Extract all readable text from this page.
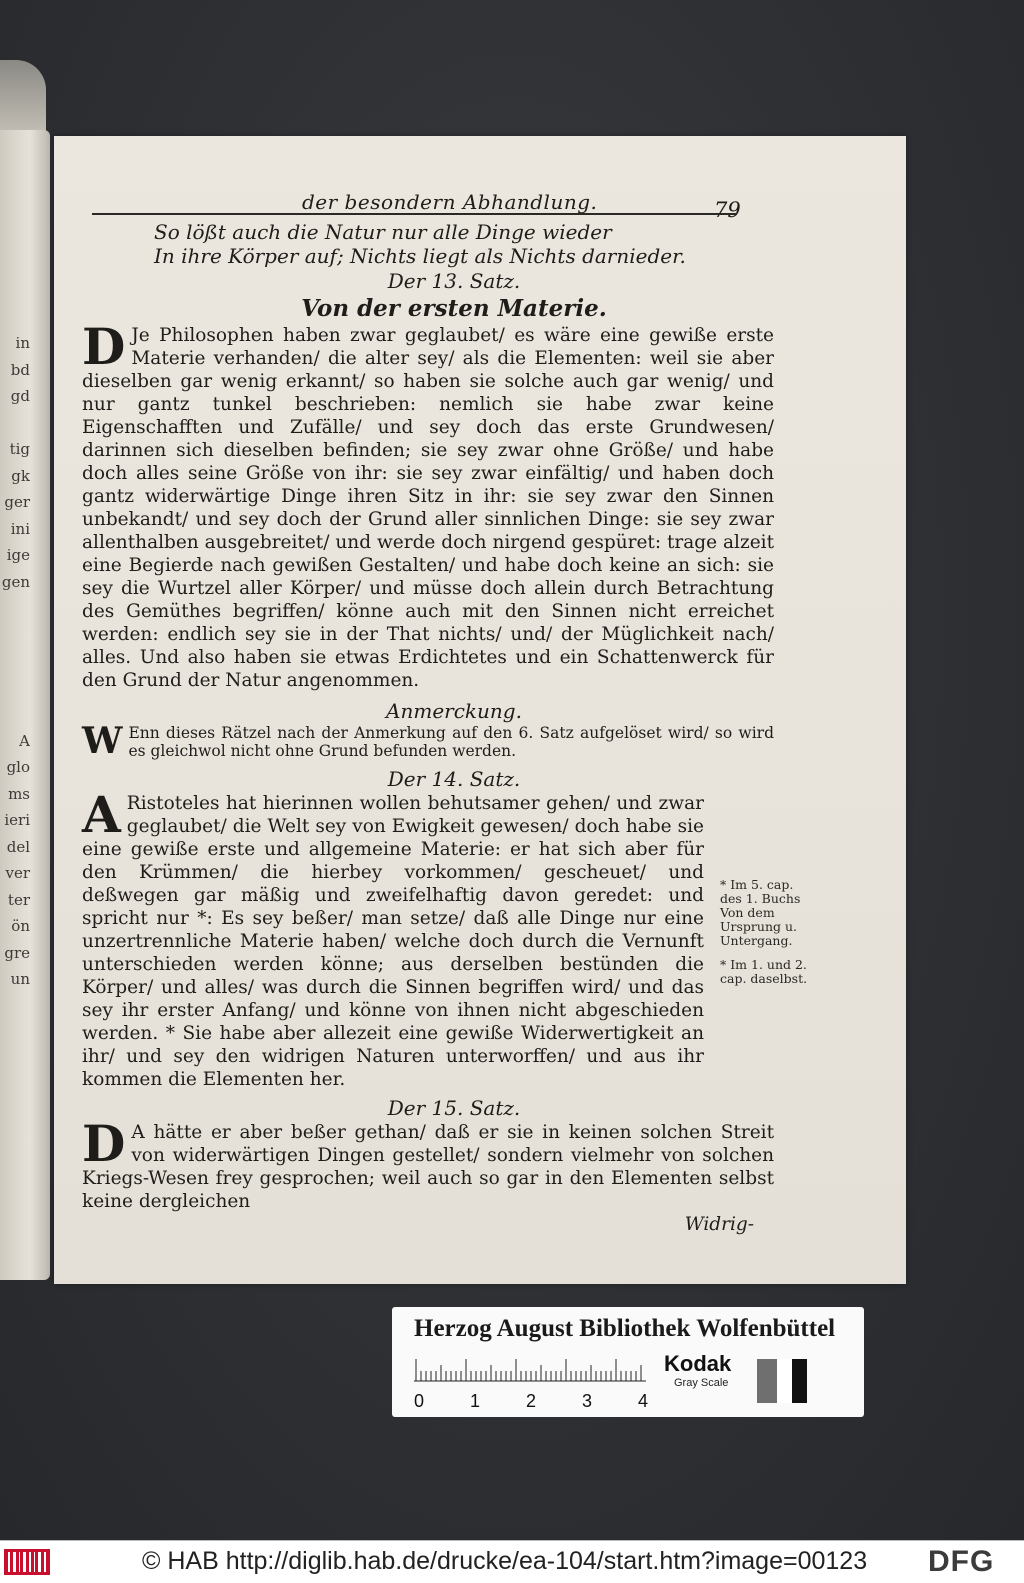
in
bd
gd
tig
gk
ger
ini
ige
gen
A
glo
ms
ieri
del
ver
ter
ön
gre
un
der besondern Abhandlung.	79
So lößt auch die Natur nur alle Dinge wieder
In ihre Körper auf; Nichts liegt als Nichts darnieder.
Der 13. Satz.
Von der ersten Materie.
D Je Philosophen haben zwar geglaubet/ es wäre eine gewiße erste Materie verhanden/ die alter sey/ als die Elementen: weil sie aber dieselben gar wenig erkannt/ so haben sie solche auch gar wenig/ und nur gantz tunkel beschrieben: nemlich sie habe zwar keine Eigenschafften und Zufälle/ und sey doch das erste Grundwesen/ darinnen sich dieselben befinden; sie sey zwar ohne Größe/ und habe doch alles seine Größe von ihr: sie sey zwar einfältig/ und haben doch gantz widerwärtige Dinge ihren Sitz in ihr: sie sey zwar den Sinnen unbekandt/ und sey doch der Grund aller sinnlichen Dinge: sie sey zwar allenthalben ausgebreitet/ und werde doch nirgend gespüret: trage alzeit eine Begierde nach gewißen Gestalten/ und habe doch keine an sich: sie sey die Wurtzel aller Körper/ und müsse doch allein durch Betrachtung des Gemüthes begriffen/ könne auch mit den Sinnen nicht erreichet werden: endlich sey sie in der That nichts/ und/ der Müglichkeit nach/ alles. Und also haben sie etwas Erdichtetes und ein Schattenwerck für den Grund der Natur angenommen.
Anmerckung.
W Enn dieses Rätzel nach der Anmerkung auf den 6. Satz aufgelöset wird/ so wird es gleichwol nicht ohne Grund befunden werden.
Der 14. Satz.
A Ristoteles hat hierinnen wollen behutsamer gehen/ und zwar geglaubet/ die Welt sey von Ewigkeit gewesen/ doch habe sie eine gewiße erste und allgemeine Materie: er hat sich aber für den Krümmen/ die hierbey vorkommen/ gescheuet/ und deßwegen gar mäßig und zweifelhaftig davon geredet: und spricht nur *: Es sey beßer/ man setze/ daß alle Dinge nur eine unzertrennliche Materie haben/ welche doch durch die Vernunft unterschieden werden könne; aus derselben bestünden die Körper/ und alles/ was durch die Sinnen begriffen wird/ und das sey ihr erster Anfang/ und könne von ihnen nicht abgeschieden werden. * Sie habe aber allezeit eine gewiße Widerwertigkeit an ihr/ und sey den widrigen Naturen unterworffen/ und aus ihr kommen die Elementen her.
Der 15. Satz.
D A hätte er aber beßer gethan/ daß er sie in keinen solchen Streit von widerwärtigen Dingen gestellet/ sondern vielmehr von solchen Kriegs-Wesen frey gesprochen; weil auch so gar in den Elementen selbst keine dergleichen
Widrig-
* Im 5. cap. des 1. Buchs Von dem Ursprung u. Untergang.
* Im 1. und 2. cap. daselbst.
Herzog August Bibliothek Wolfenbüttel
0	1	2	3	4
Kodak
Gray Scale
© HAB http://diglib.hab.de/drucke/ea-104/start.htm?image=00123 DFG
